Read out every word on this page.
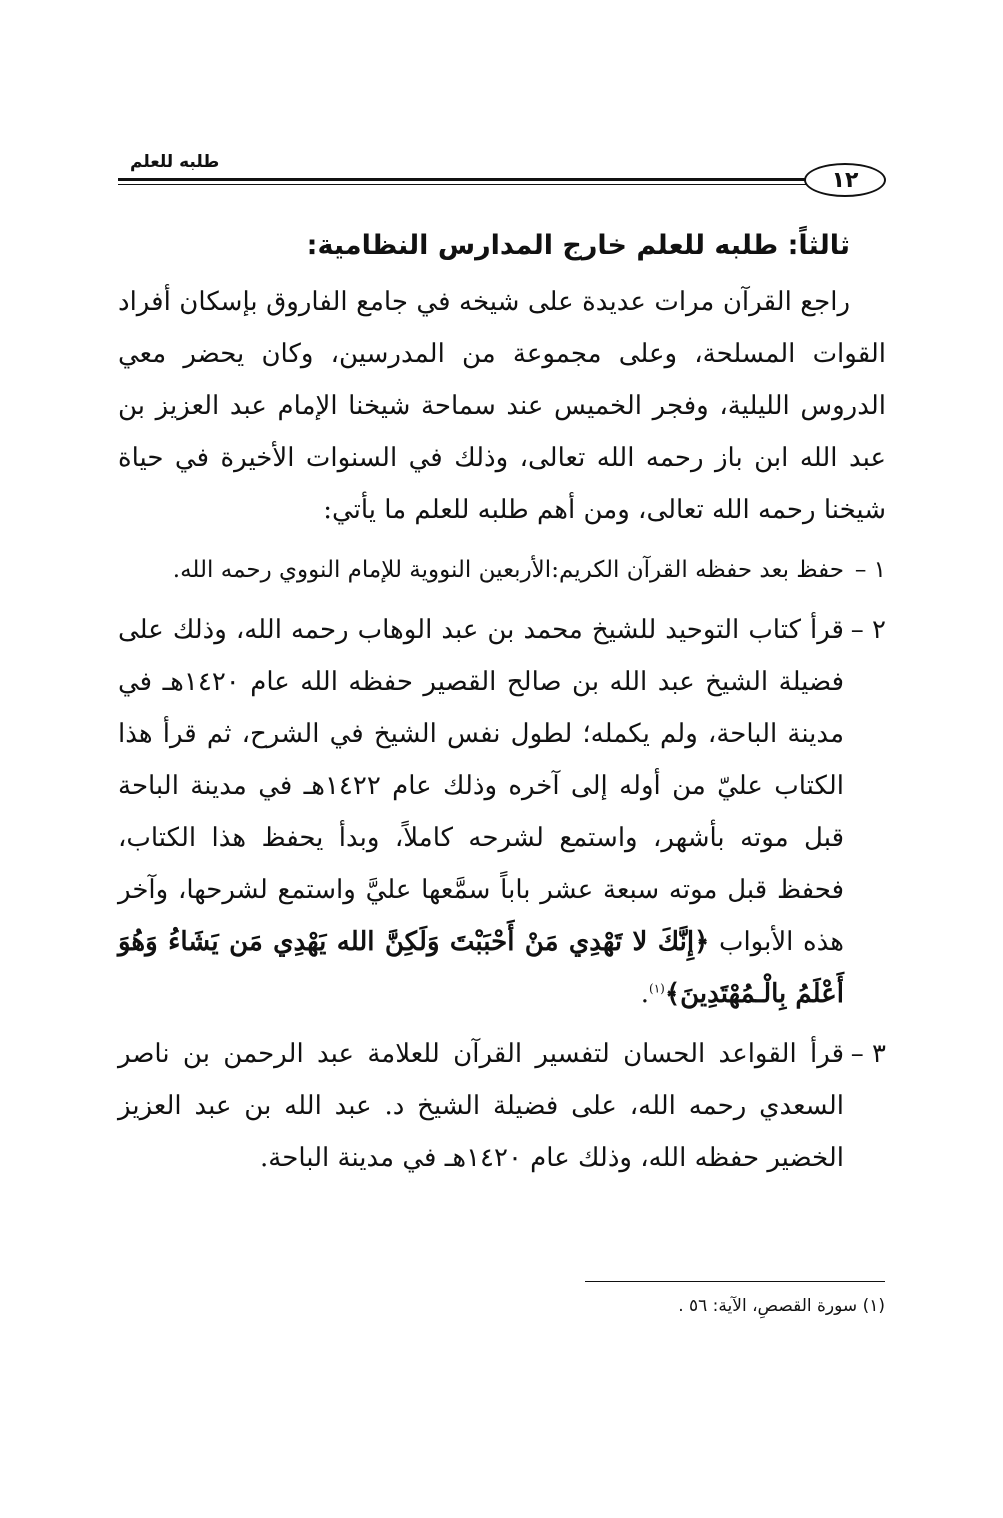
طلبه للعلم
١٢
ثالثاً: طلبه للعلم خارج المدارس النظامية:

راجع القرآن مرات عديدة على شيخه في جامع الفاروق بإسكان أفراد القوات المسلحة، وعلى مجموعة من المدرسين، وكان يحضر معي الدروس الليلية، وفجر الخميس عند سماحة شيخنا الإمام عبد العزيز بن عبد الله ابن باز رحمه الله تعالى، وذلك في السنوات الأخيرة في حياة شيخنا رحمه الله تعالى، ومن أهم طلبه للعلم ما يأتي:

١ –
حفظ بعد حفظه القرآن الكريم:الأربعين النووية للإمام النووي رحمه الله.
٢ –
قرأ كتاب التوحيد للشيخ محمد بن عبد الوهاب رحمه الله، وذلك على فضيلة الشيخ عبد الله بن صالح القصير حفظه الله عام ١٤٢٠هـ في مدينة الباحة، ولم يكمله؛ لطول نفس الشيخ في الشرح، ثم قرأ هذا الكتاب عليّ من أوله إلى آخره وذلك عام ١٤٢٢هـ في مدينة الباحة قبل موته بأشهر، واستمع لشرحه كاملاً، وبدأ يحفظ هذا الكتاب، فحفظ قبل موته سبعة عشر باباً سمَّعها عليَّ واستمع لشرحها، وآخر هذه الأبواب ﴿إِنَّكَ لا تَهْدِي مَنْ أَحْبَبْتَ وَلَكِنَّ الله يَهْدِي مَن يَشَاءُ وَهُوَ أَعْلَمُ بِالْـمُهْتَدِينَ﴾$^{(١)}$.
٣ –
قرأ القواعد الحسان لتفسير القرآن للعلامة عبد الرحمن بن ناصر السعدي رحمه الله، على فضيلة الشيخ د. عبد الله بن عبد العزيز الخضير حفظه الله، وذلك عام ١٤٢٠هـ في مدينة الباحة.
(١) سورة القصصِ، الآية: ٥٦ .
